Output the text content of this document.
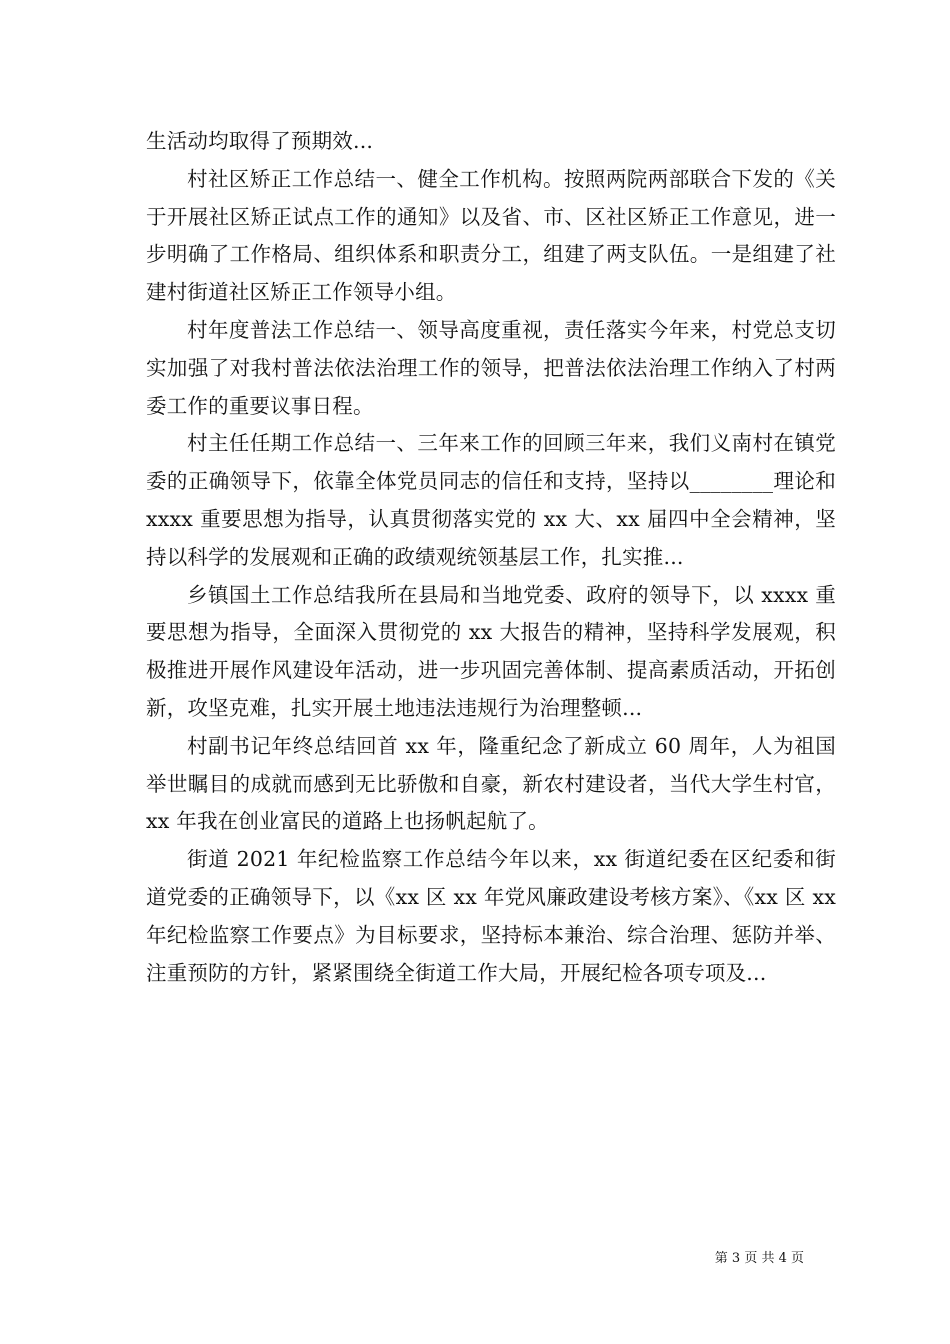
生活动均取得了预期效...

村社区矫正工作总结一、健全工作机构。按照两院两部联合下发的《关于开展社区矫正试点工作的通知》以及省、市、区社区矫正工作意见，进一步明确了工作格局、组织体系和职责分工，组建了两支队伍。一是组建了社建村街道社区矫正工作领导小组。

村年度普法工作总结一、领导高度重视，责任落实今年来，村党总支切实加强了对我村普法依法治理工作的领导，把普法依法治理工作纳入了村两委工作的重要议事日程。

村主任任期工作总结一、三年来工作的回顾三年来，我们义南村在镇党委的正确领导下，依靠全体党员同志的信任和支持，坚持以________理论和 xxxx 重要思想为指导，认真贯彻落实党的 xx 大、xx 届四中全会精神，坚持以科学的发展观和正确的政绩观统领基层工作，扎实推...

乡镇国土工作总结我所在县局和当地党委、政府的领导下，以 xxxx 重要思想为指导，全面深入贯彻党的 xx 大报告的精神，坚持科学发展观，积极推进开展作风建设年活动，进一步巩固完善体制、提高素质活动，开拓创新，攻坚克难，扎实开展土地违法违规行为治理整顿...

村副书记年终总结回首 xx 年，隆重纪念了新成立 60 周年，人为祖国举世瞩目的成就而感到无比骄傲和自豪，新农村建设者，当代大学生村官，xx 年我在创业富民的道路上也扬帆起航了。

街道 2021 年纪检监察工作总结今年以来，xx 街道纪委在区纪委和街道党委的正确领导下，以《xx 区 xx 年党风廉政建设考核方案》、《xx 区 xx 年纪检监察工作要点》为目标要求，坚持标本兼治、综合治理、惩防并举、注重预防的方针，紧紧围绕全街道工作大局，开展纪检各项专项及...

第 3 页 共 4 页
